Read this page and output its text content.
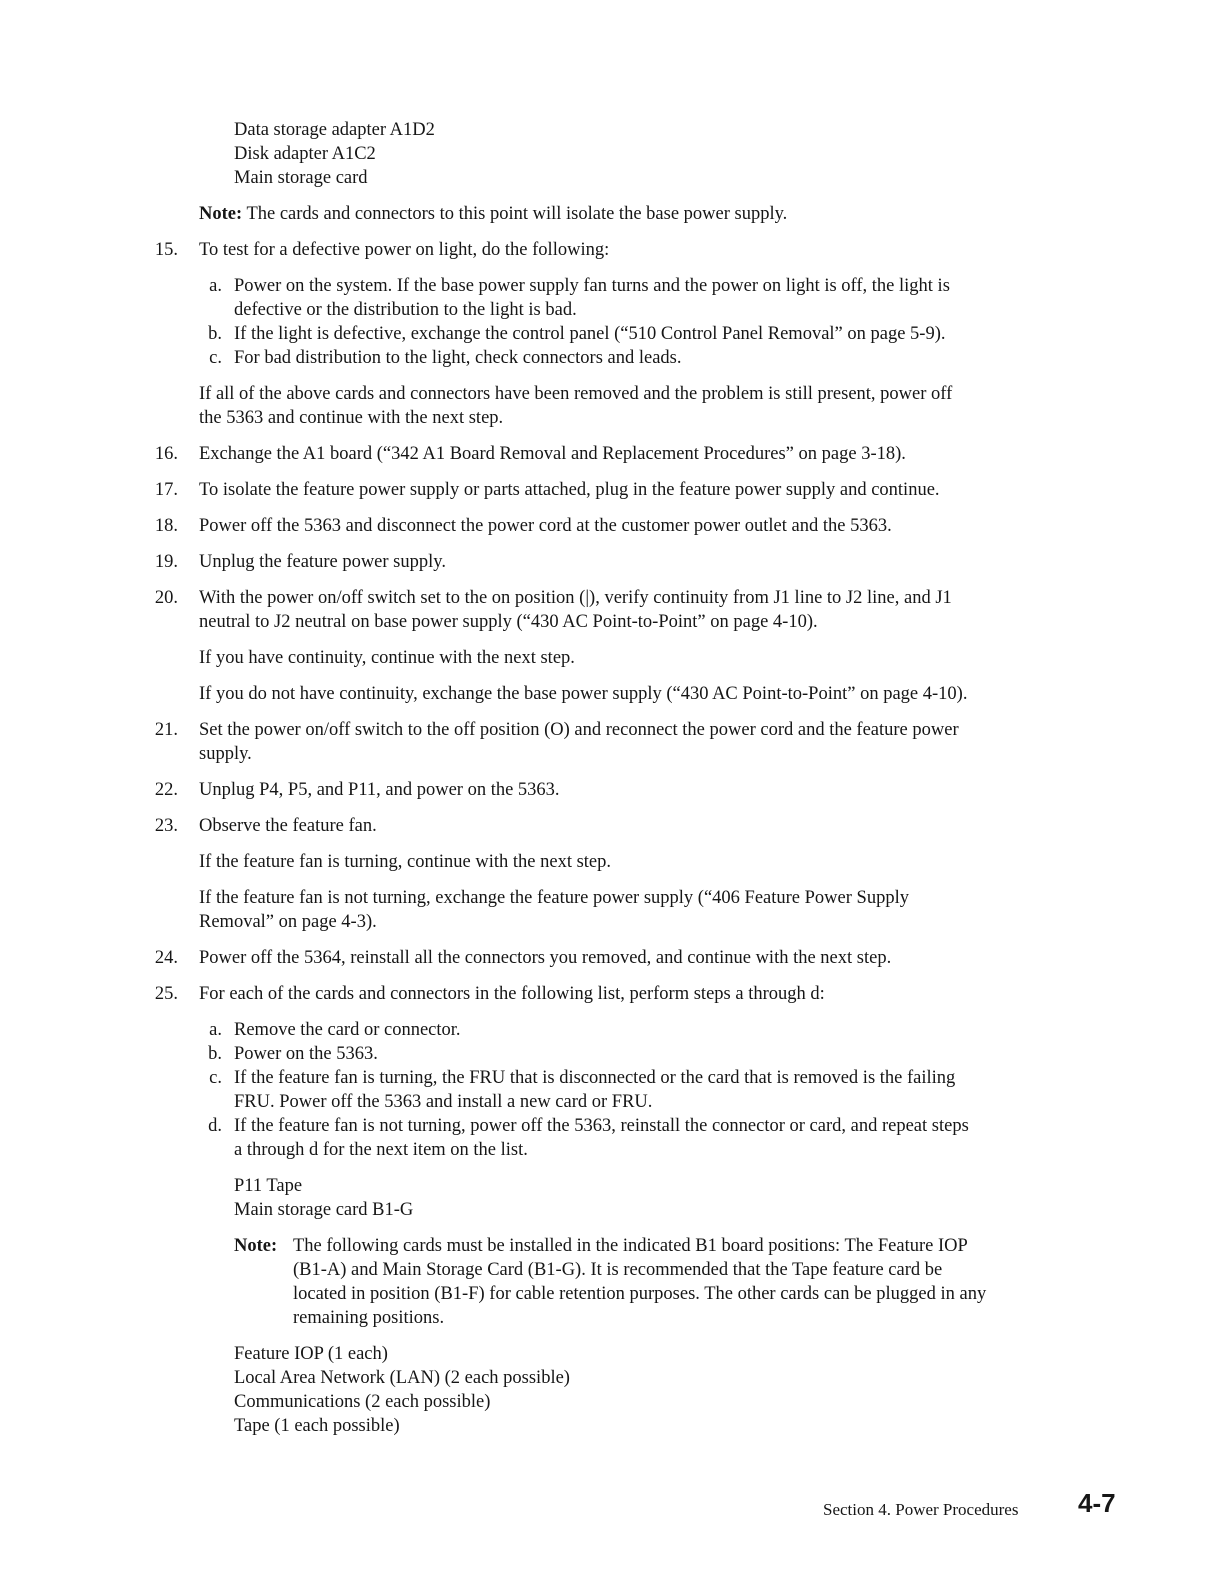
Data storage adapter A1D2
Disk adapter A1C2
Main storage card
Note: The cards and connectors to this point will isolate the base power supply.
15. To test for a defective power on light, do the following:
a. Power on the system. If the base power supply fan turns and the power on light is off, the light is
defective or the distribution to the light is bad.
b. If the light is defective, exchange the control panel (“510 Control Panel Removal” on page 5-9).
c. For bad distribution to the light, check connectors and leads.
If all of the above cards and connectors have been removed and the problem is still present, power off
the 5363 and continue with the next step.
16. Exchange the A1 board (“342 A1 Board Removal and Replacement Procedures” on page 3-18).
17. To isolate the feature power supply or parts attached, plug in the feature power supply and continue.
18. Power off the 5363 and disconnect the power cord at the customer power outlet and the 5363.
19. Unplug the feature power supply.
20. With the power on/off switch set to the on position (|), verify continuity from J1 line to J2 line, and J1
neutral to J2 neutral on base power supply (“430 AC Point-to-Point” on page 4-10).
If you have continuity, continue with the next step.
If you do not have continuity, exchange the base power supply (“430 AC Point-to-Point” on page 4-10).
21. Set the power on/off switch to the off position (O) and reconnect the power cord and the feature power
supply.
22. Unplug P4, P5, and P11, and power on the 5363.
23. Observe the feature fan.
If the feature fan is turning, continue with the next step.
If the feature fan is not turning, exchange the feature power supply (“406 Feature Power Supply
Removal” on page 4-3).
24. Power off the 5364, reinstall all the connectors you removed, and continue with the next step.
25. For each of the cards and connectors in the following list, perform steps a through d:
a. Remove the card or connector.
b. Power on the 5363.
c. If the feature fan is turning, the FRU that is disconnected or the card that is removed is the failing
FRU. Power off the 5363 and install a new card or FRU.
d. If the feature fan is not turning, power off the 5363, reinstall the connector or card, and repeat steps
a through d for the next item on the list.
P11 Tape
Main storage card B1-G
Note: The following cards must be installed in the indicated B1 board positions: The Feature IOP
(B1-A) and Main Storage Card (B1-G). It is recommended that the Tape feature card be
located in position (B1-F) for cable retention purposes. The other cards can be plugged in any
remaining positions.
Feature IOP (1 each)
Local Area Network (LAN) (2 each possible)
Communications (2 each possible)
Tape (1 each possible)
Section 4. Power Procedures 4-7
